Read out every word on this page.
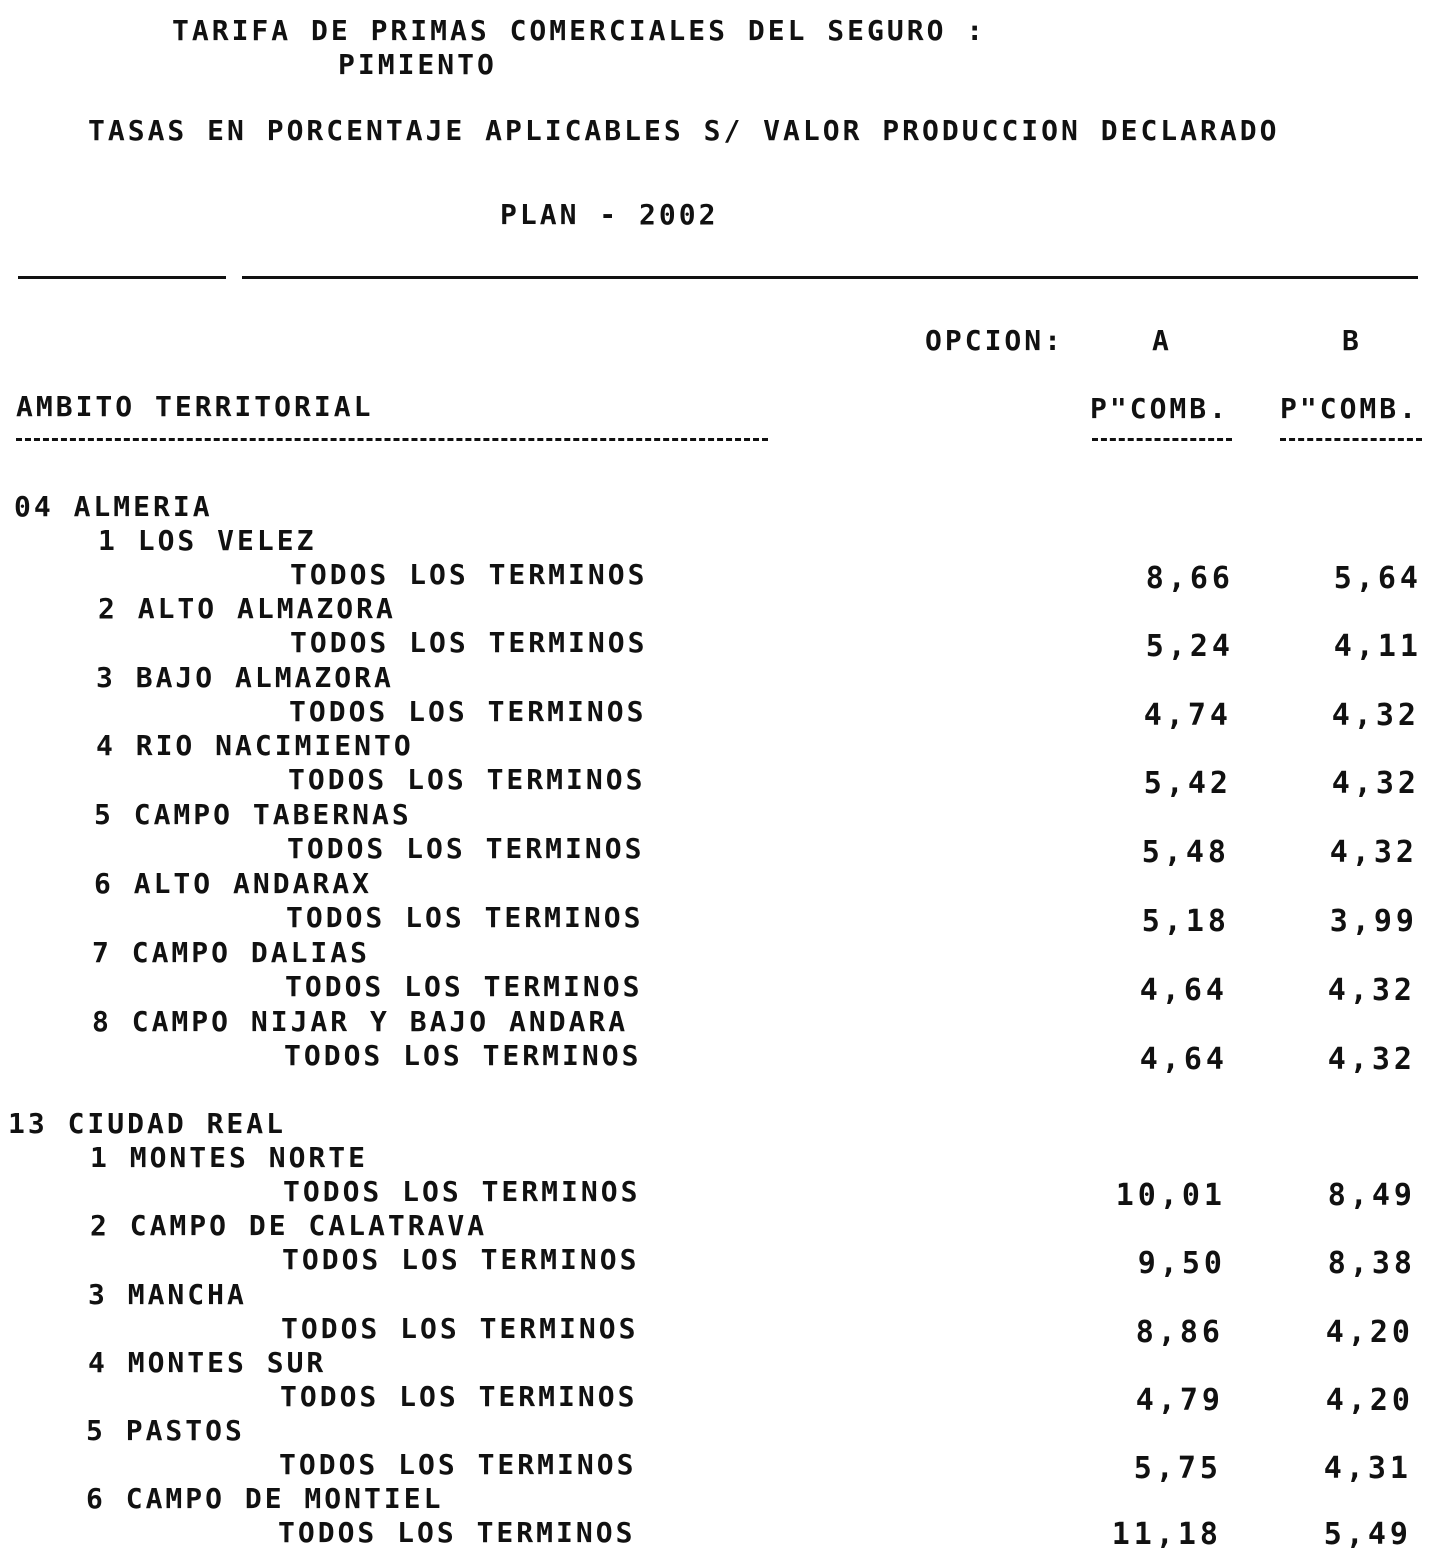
TARIFA DE PRIMAS COMERCIALES DEL SEGURO :
PIMIENTO
TASAS EN PORCENTAJE APLICABLES S/ VALOR PRODUCCION DECLARADO
PLAN - 2002
OPCION:	A	B
AMBITO TERRITORIAL	P"COMB. P"COMB.
04 ALMERIA
1 LOS VELEZ
TODOS LOS TERMINOS	8,66	5,64
2 ALTO ALMAZORA
TODOS LOS TERMINOS	5,24	4,11
3 BAJO ALMAZORA
TODOS LOS TERMINOS	4,74	4,32
4 RIO NACIMIENTO
TODOS LOS TERMINOS	5,42	4,32
5 CAMPO TABERNAS
TODOS LOS TERMINOS	5,48	4,32
6 ALTO ANDARAX
TODOS LOS TERMINOS	5,18	3,99
7 CAMPO DALIAS
TODOS LOS TERMINOS	4,64	4,32
8 CAMPO NIJAR Y BAJO ANDARA
TODOS LOS TERMINOS	4,64	4,32
13 CIUDAD REAL
1 MONTES NORTE
TODOS LOS TERMINOS	10,01	8,49
2 CAMPO DE CALATRAVA
TODOS LOS TERMINOS	9,50	8,38
3 MANCHA
TODOS LOS TERMINOS	8,86	4,20
4 MONTES SUR
TODOS LOS TERMINOS	4,79	4,20
5 PASTOS
TODOS LOS TERMINOS	5,75	4,31
6 CAMPO DE MONTIEL
TODOS LOS TERMINOS	11,18	5,49
